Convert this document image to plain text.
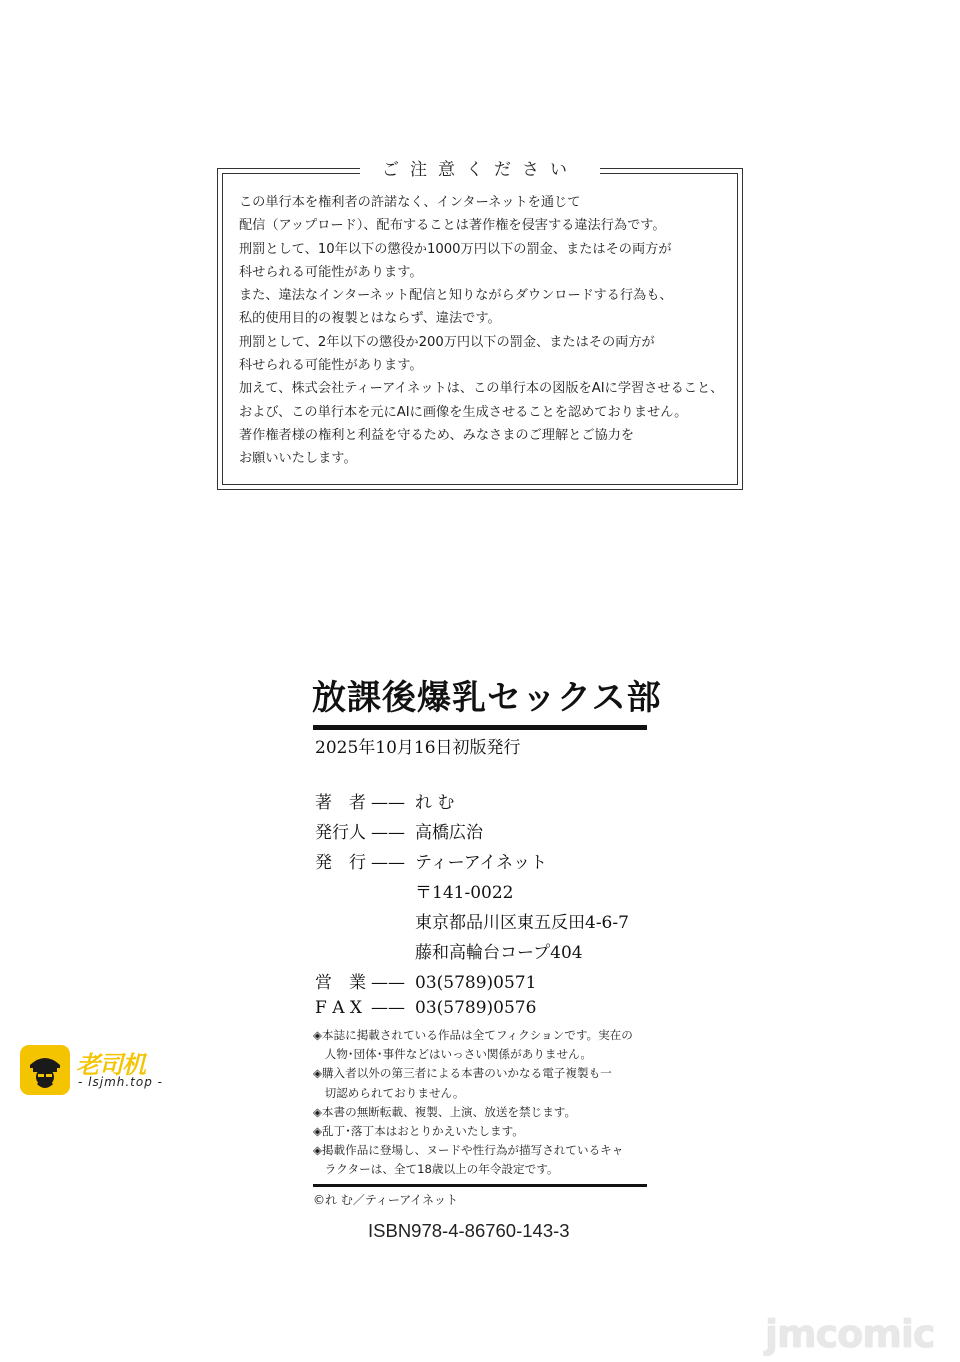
ご注意ください
この単行本を権利者の許諾なく、インターネットを通じて
配信（アップロード）、配布することは著作権を侵害する違法行為です。
刑罰として、10年以下の懲役か1000万円以下の罰金、またはその両方が
科せられる可能性があります。
また、違法なインターネット配信と知りながらダウンロードする行為も、
私的使用目的の複製とはならず、違法です。
刑罰として、2年以下の懲役か200万円以下の罰金、またはその両方が
科せられる可能性があります。
加えて、株式会社ティーアイネットは、この単行本の図版をAIに学習させること、
および、この単行本を元にAIに画像を生成させることを認めておりません。
著作権者様の権利と利益を守るため、みなさまのご理解とご協力を
お願いいたします。
放課後爆乳セックス部
2025年10月16日初版発行
著　者 —— れ む
発行人 —— 高橋広治
発　行 —— ティーアイネット
〒141-0022
東京都品川区東五反田4-6-7
藤和高輪台コープ404
営　業 —— 03(5789)0571
F A X —— 03(5789)0576
◈本誌に掲載されている作品は全てフィクションです。実在の
　人物･団体･事件などはいっさい関係がありません。
◈購入者以外の第三者による本書のいかなる電子複製も一
　切認められておりません。
◈本書の無断転載、複製、上演、放送を禁じます。
◈乱丁･落丁本はおとりかえいたします。
◈掲載作品に登場し、ヌードや性行為が描写されているキャ
　ラクターは、全て18歳以上の年令設定です。
©れ む／ティーアイネット
ISBN978-4-86760-143-3
老司机
- lsjmh.top -
jmcomic
